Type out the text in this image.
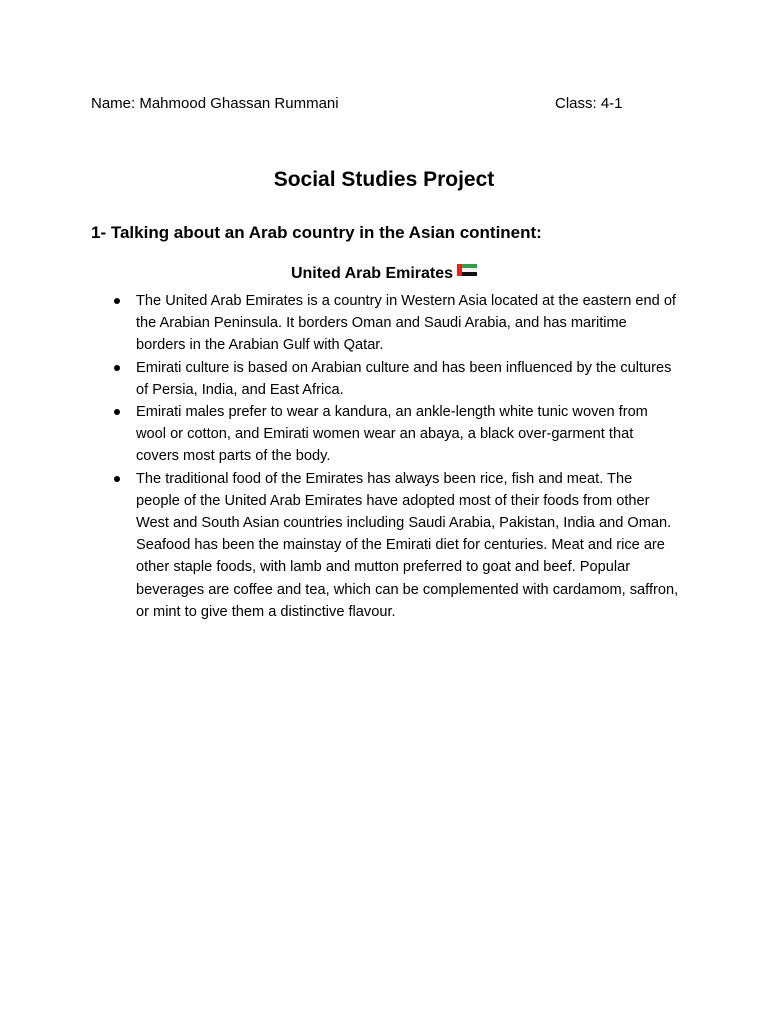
Name: Mahmood Ghassan Rummani	Class: 4-1
Social Studies Project
1- Talking about an Arab country in the Asian continent:
United Arab Emirates
The United Arab Emirates is a country in Western Asia located at the eastern end of the Arabian Peninsula. It borders Oman and Saudi Arabia, and has maritime borders in the Arabian Gulf with Qatar.
Emirati culture is based on Arabian culture and has been influenced by the cultures of Persia, India, and East Africa.
Emirati males prefer to wear a kandura, an ankle-length white tunic woven from wool or cotton, and Emirati women wear an abaya, a black over-garment that covers most parts of the body.
The traditional food of the Emirates has always been rice, fish and meat. The people of the United Arab Emirates have adopted most of their foods from other West and South Asian countries including Saudi Arabia, Pakistan, India and Oman. Seafood has been the mainstay of the Emirati diet for centuries. Meat and rice are other staple foods, with lamb and mutton preferred to goat and beef. Popular beverages are coffee and tea, which can be complemented with cardamom, saffron, or mint to give them a distinctive flavour.
